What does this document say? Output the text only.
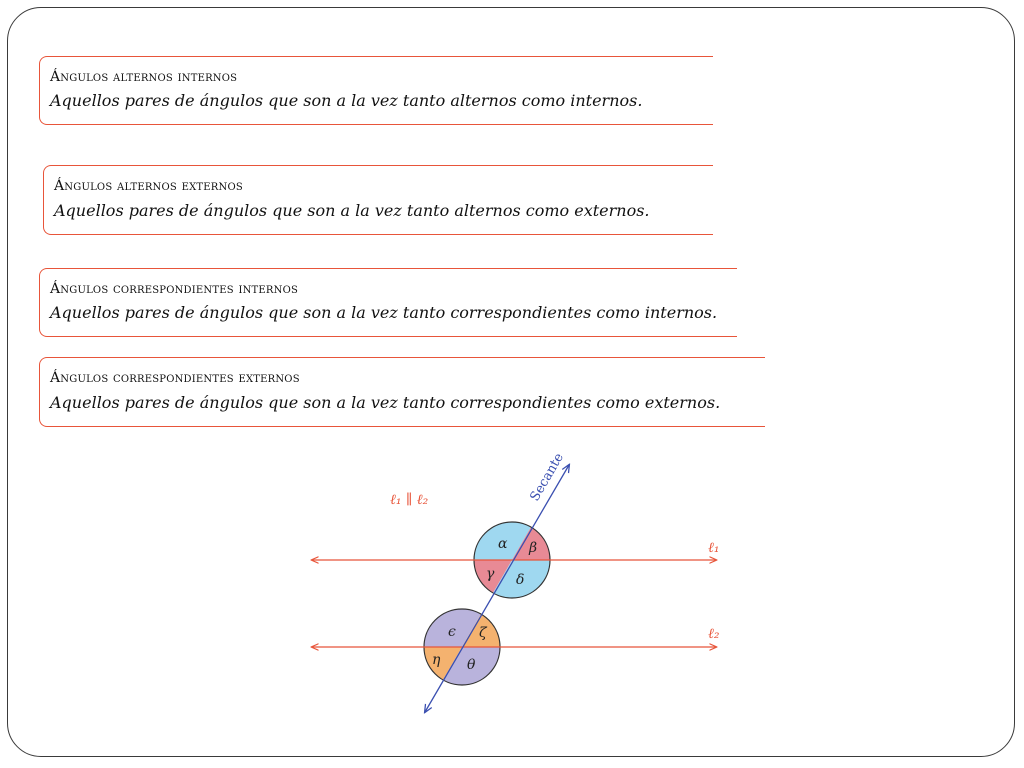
Ángulos alternos internos
Aquellos pares de ángulos que son a la vez tanto alternos como internos.
Ángulos alternos externos
Aquellos pares de ángulos que son a la vez tanto alternos como externos.
Ángulos correspondientes internos
Aquellos pares de ángulos que son a la vez tanto correspondientes como internos.
Ángulos correspondientes externos
Aquellos pares de ángulos que son a la vez tanto correspondientes como externos.
ℓ₁ ∥ ℓ₂
ℓ₁
ℓ₂
Secante
α β
γ δ
ϵ ζ
η θ
